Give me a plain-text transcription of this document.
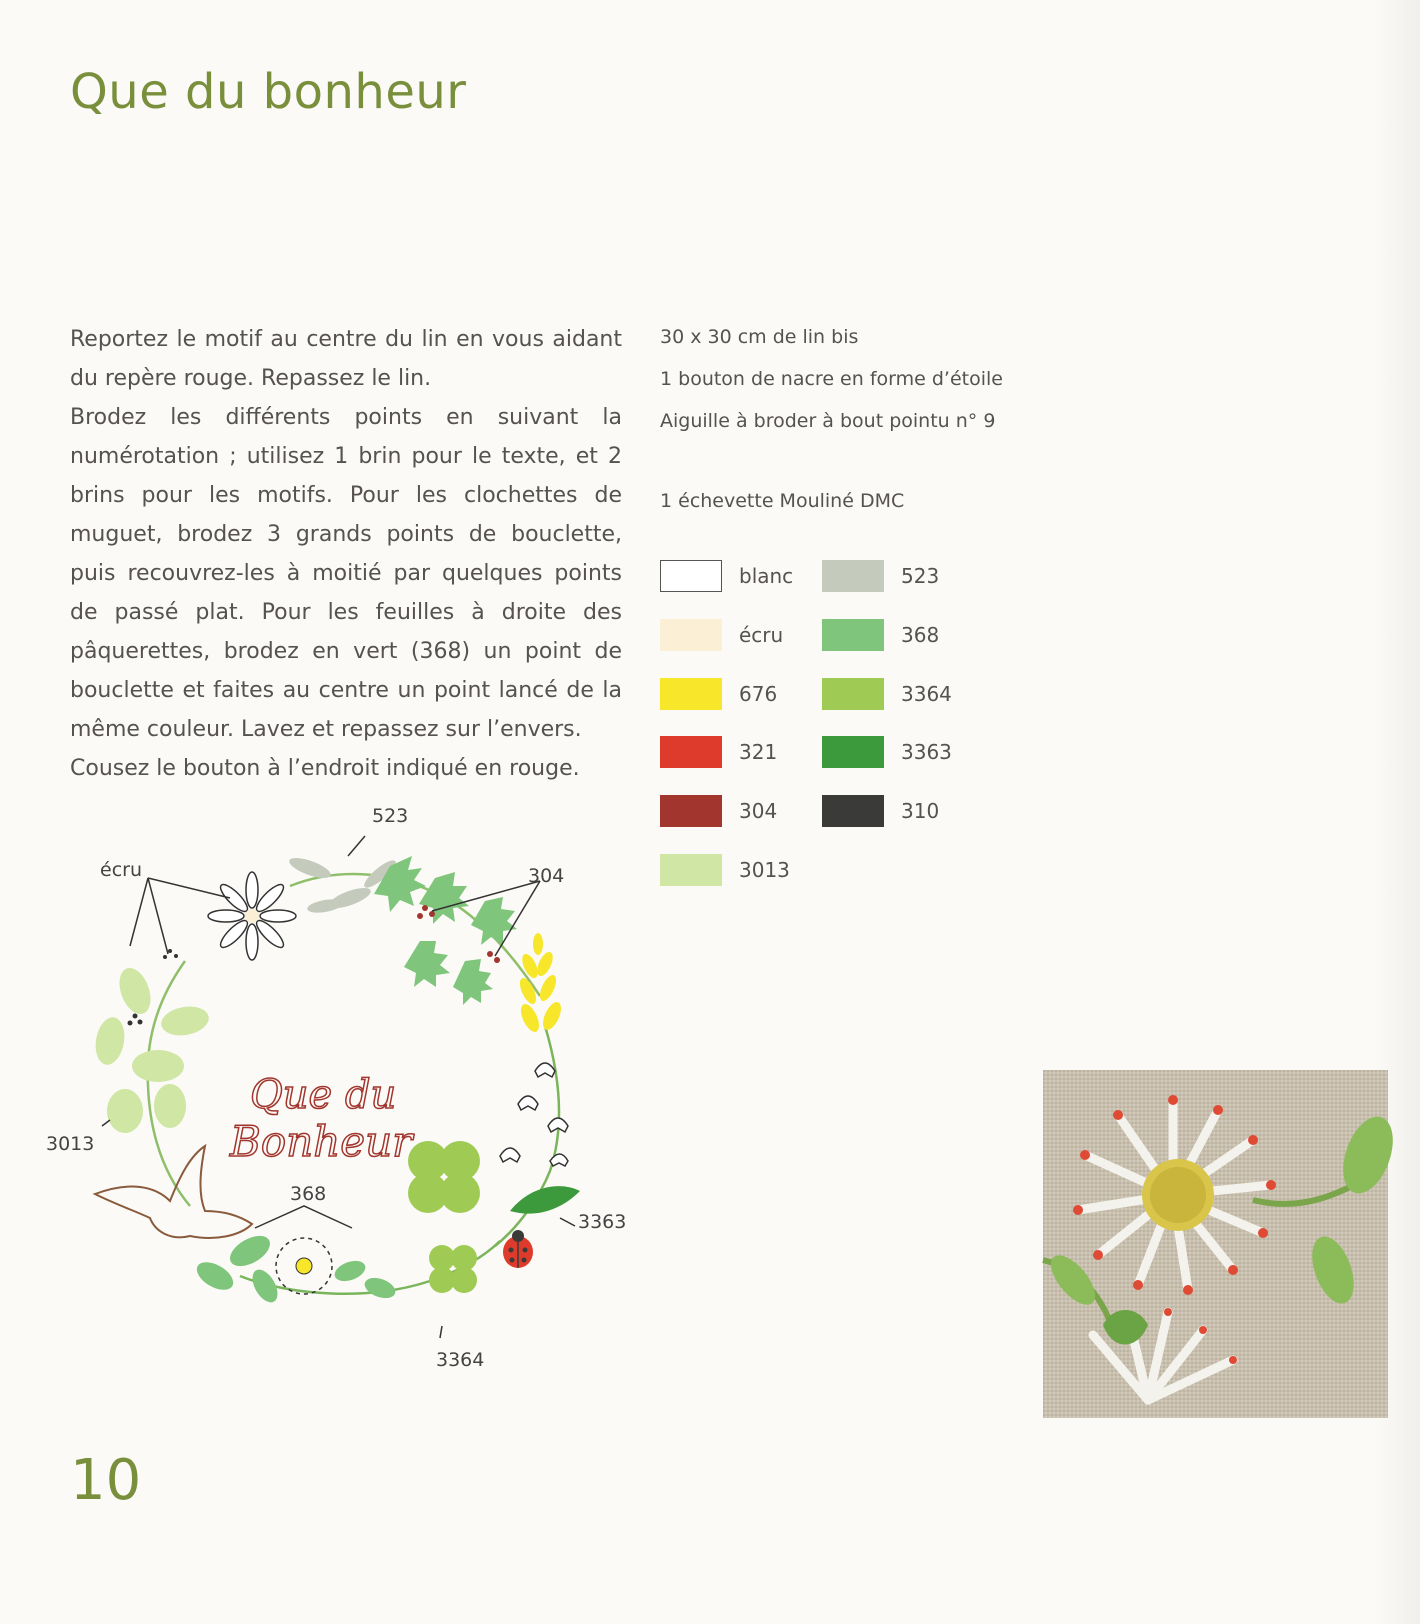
Que du bonheur

Reportez le motif au centre du lin en vous aidant du repère rouge. Repassez le lin.

Brodez les différents points en suivant la numérotation ; utilisez 1 brin pour le texte, et 2 brins pour les motifs. Pour les clochettes de muguet, brodez 3 grands points de bouclette, puis recouvrez-les à moitié par quelques points de passé plat. Pour les feuilles à droite des pâquerettes, brodez en vert (368) un point de bouclette et faites au centre un point lancé de la même couleur. Lavez et repassez sur l’envers.

Cousez le bouton à l’endroit indiqué en rouge.

30 x 30 cm de lin bis
1 bouton de nacre en forme d’étoile
Aiguille à broder à bout pointu n° 9
1 échevette Mouliné DMC
blanc
écru
676
321
304
3013
523
368
3364
3363
310
Que du
Bonheur
523
écru	304
3013
368
3363
3364
10
